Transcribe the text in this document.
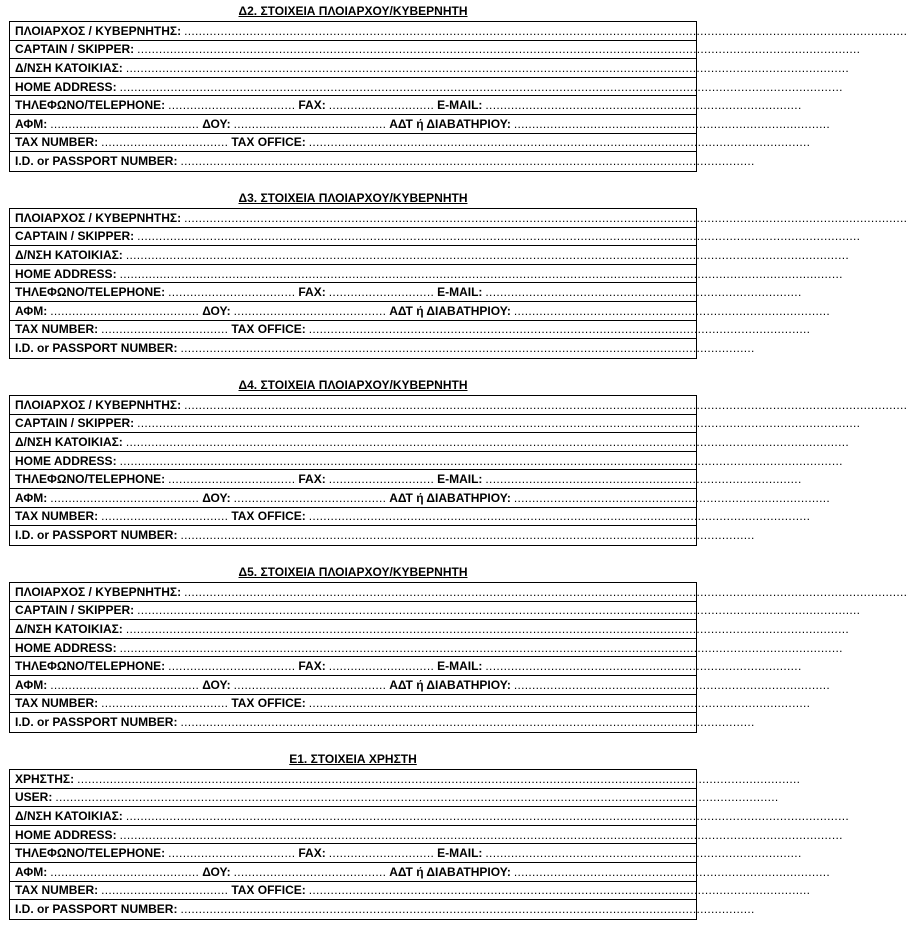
Δ2. ΣΤΟΙΧΕΙΑ ΠΛΟΙΑΡΧΟΥ/ΚΥΒΕΡΝΗΤΗ
ΠΛΟΙΑΡΧΟΣ / ΚΥΒΕΡΝΗΤΗΣ: .......................................................................................................................................................................................................
CAPTAIN / SKIPPER: .......................................................................................................................................................................................................
Δ/ΝΣΗ ΚΑΤΟΙΚΙΑΣ: .......................................................................................................................................................................................................
HOME ADDRESS: .......................................................................................................................................................................................................
ΤΗΛΕΦΩΝΟ/TELEPHONE: ................................... FAX: ............................. E-MAIL: .......................................................................................
ΑΦΜ: ......................................... ΔΟΥ: .......................................... ΑΔΤ ή ΔΙΑΒΑΤΗΡΙΟΥ: .......................................................................................
TAX NUMBER: ................................... TAX OFFICE: ..........................................................................................................................................
I.D. or PASSPORT NUMBER: ..............................................................................................................................................................
Δ3. ΣΤΟΙΧΕΙΑ ΠΛΟΙΑΡΧΟΥ/ΚΥΒΕΡΝΗΤΗ
ΠΛΟΙΑΡΧΟΣ / ΚΥΒΕΡΝΗΤΗΣ: .......................................................................................................................................................................................................
CAPTAIN / SKIPPER: .......................................................................................................................................................................................................
Δ/ΝΣΗ ΚΑΤΟΙΚΙΑΣ: .......................................................................................................................................................................................................
HOME ADDRESS: .......................................................................................................................................................................................................
ΤΗΛΕΦΩΝΟ/TELEPHONE: ................................... FAX: ............................. E-MAIL: .......................................................................................
ΑΦΜ: ......................................... ΔΟΥ: .......................................... ΑΔΤ ή ΔΙΑΒΑΤΗΡΙΟΥ: .......................................................................................
TAX NUMBER: ................................... TAX OFFICE: ..........................................................................................................................................
I.D. or PASSPORT NUMBER: ..............................................................................................................................................................
Δ4. ΣΤΟΙΧΕΙΑ ΠΛΟΙΑΡΧΟΥ/ΚΥΒΕΡΝΗΤΗ
ΠΛΟΙΑΡΧΟΣ / ΚΥΒΕΡΝΗΤΗΣ: .......................................................................................................................................................................................................
CAPTAIN / SKIPPER: .......................................................................................................................................................................................................
Δ/ΝΣΗ ΚΑΤΟΙΚΙΑΣ: .......................................................................................................................................................................................................
HOME ADDRESS: .......................................................................................................................................................................................................
ΤΗΛΕΦΩΝΟ/TELEPHONE: ................................... FAX: ............................. E-MAIL: .......................................................................................
ΑΦΜ: ......................................... ΔΟΥ: .......................................... ΑΔΤ ή ΔΙΑΒΑΤΗΡΙΟΥ: .......................................................................................
TAX NUMBER: ................................... TAX OFFICE: ..........................................................................................................................................
I.D. or PASSPORT NUMBER: ..............................................................................................................................................................
Δ5. ΣΤΟΙΧΕΙΑ ΠΛΟΙΑΡΧΟΥ/ΚΥΒΕΡΝΗΤΗ
ΠΛΟΙΑΡΧΟΣ / ΚΥΒΕΡΝΗΤΗΣ: .......................................................................................................................................................................................................
CAPTAIN / SKIPPER: .......................................................................................................................................................................................................
Δ/ΝΣΗ ΚΑΤΟΙΚΙΑΣ: .......................................................................................................................................................................................................
HOME ADDRESS: .......................................................................................................................................................................................................
ΤΗΛΕΦΩΝΟ/TELEPHONE: ................................... FAX: ............................. E-MAIL: .......................................................................................
ΑΦΜ: ......................................... ΔΟΥ: .......................................... ΑΔΤ ή ΔΙΑΒΑΤΗΡΙΟΥ: .......................................................................................
TAX NUMBER: ................................... TAX OFFICE: ..........................................................................................................................................
I.D. or PASSPORT NUMBER: ..............................................................................................................................................................
Ε1. ΣΤΟΙΧΕΙΑ ΧΡΗΣΤΗ
ΧΡΗΣΤΗΣ: .......................................................................................................................................................................................................
USER: .......................................................................................................................................................................................................
Δ/ΝΣΗ ΚΑΤΟΙΚΙΑΣ: .......................................................................................................................................................................................................
HOME ADDRESS: .......................................................................................................................................................................................................
ΤΗΛΕΦΩΝΟ/TELEPHONE: ................................... FAX: ............................. E-MAIL: .......................................................................................
ΑΦΜ: ......................................... ΔΟΥ: .......................................... ΑΔΤ ή ΔΙΑΒΑΤΗΡΙΟΥ: .......................................................................................
TAX NUMBER: ................................... TAX OFFICE: ..........................................................................................................................................
I.D. or PASSPORT NUMBER: ..............................................................................................................................................................
